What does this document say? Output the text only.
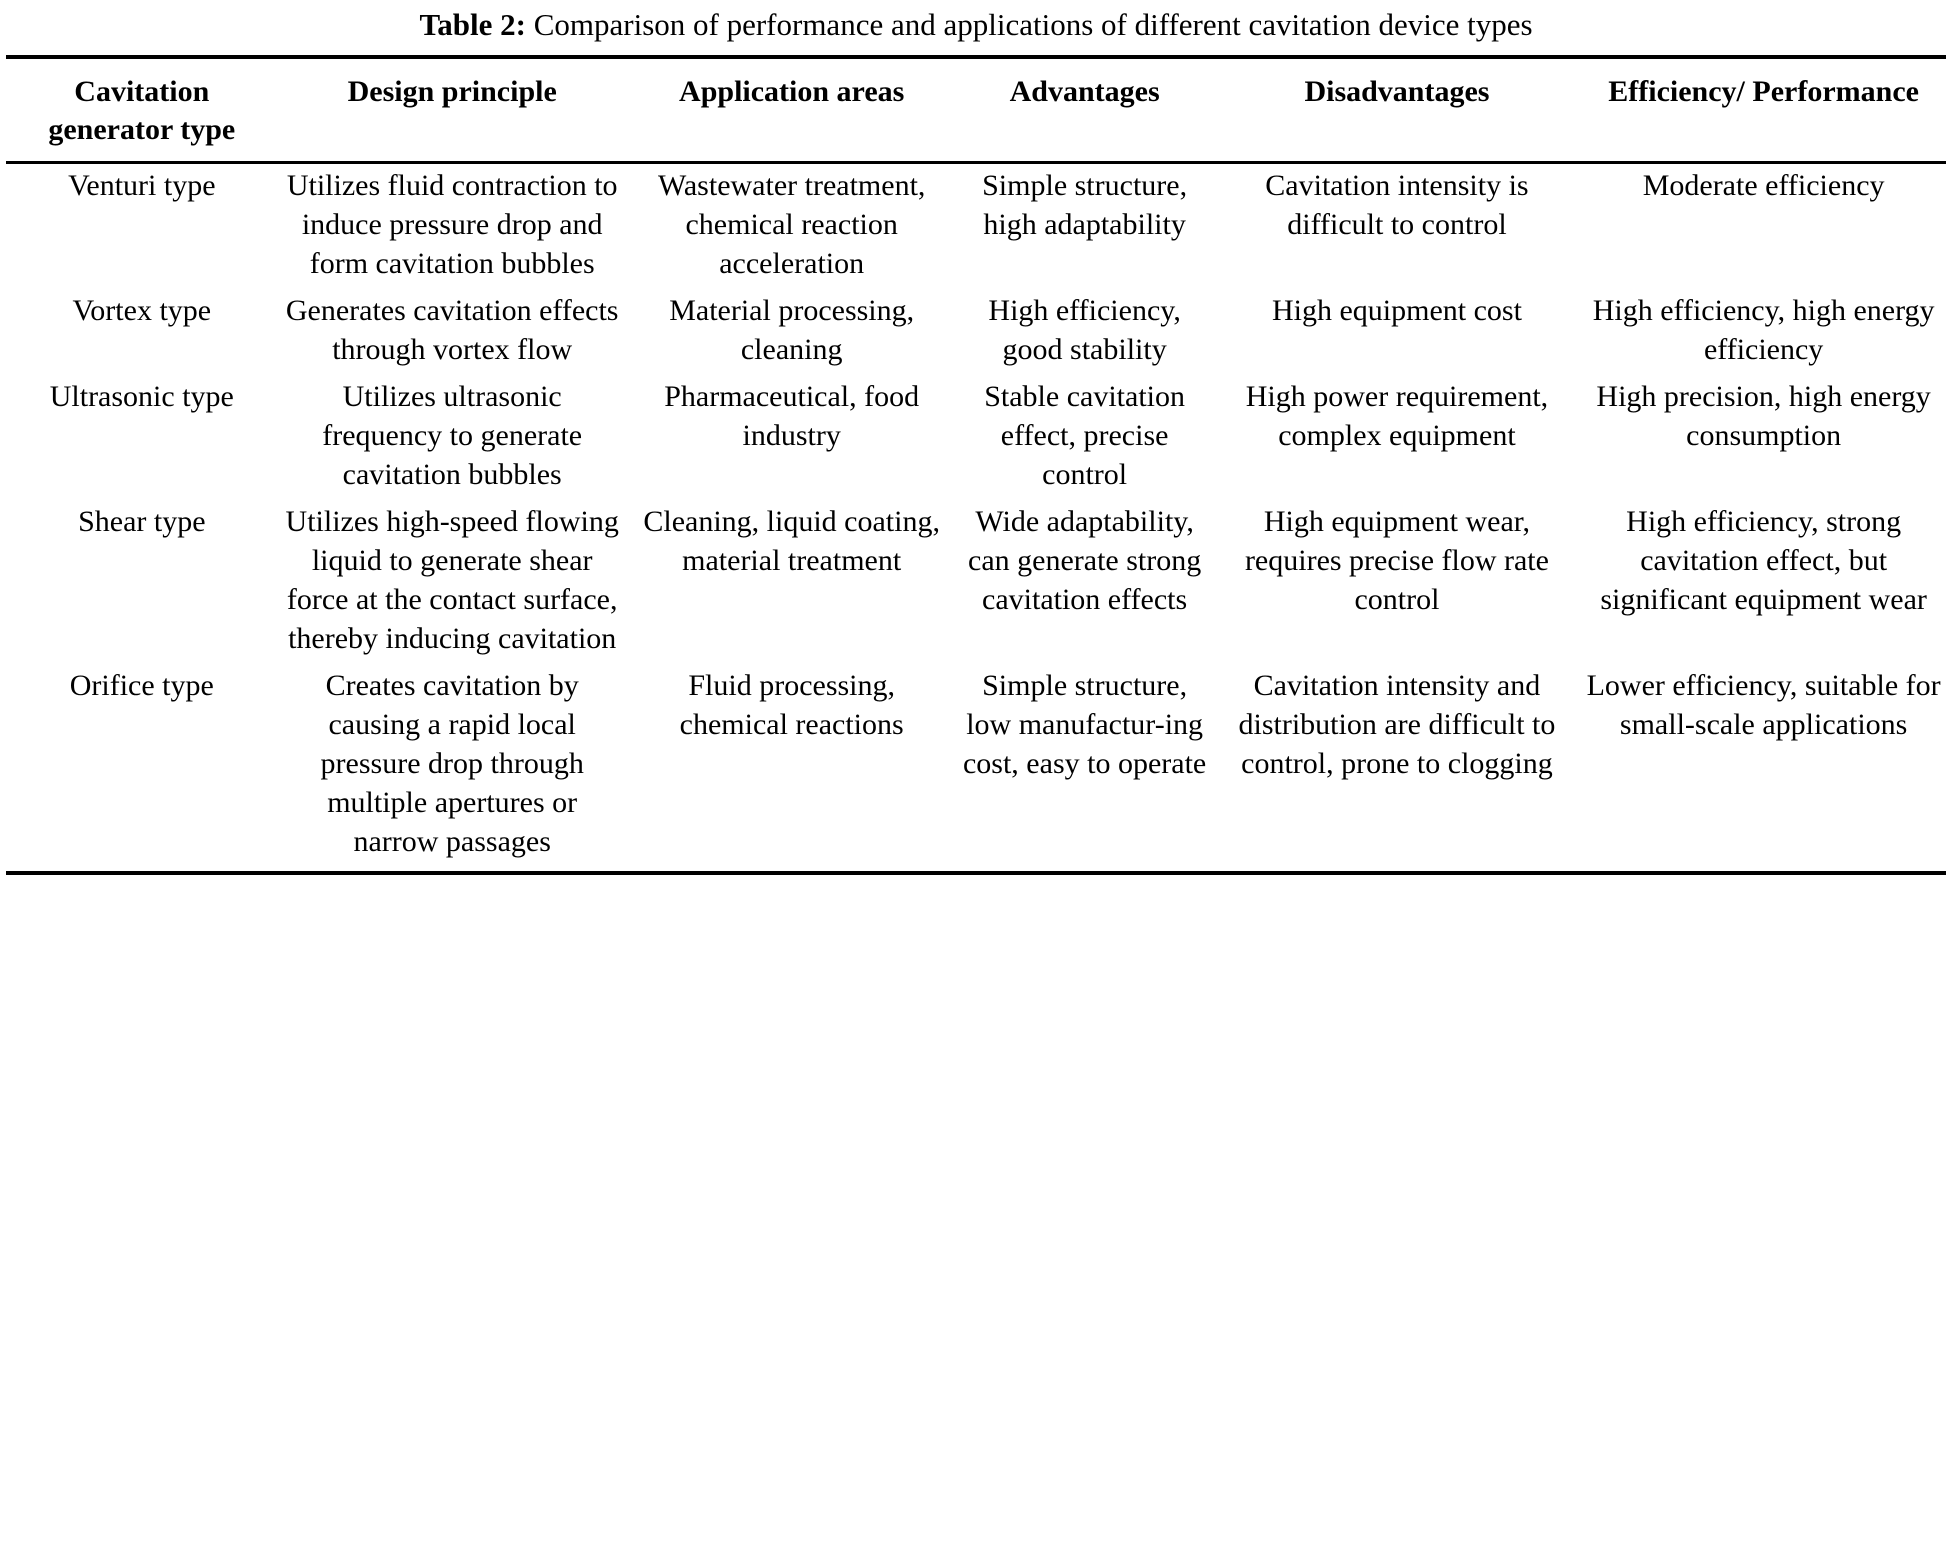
Table 2: Comparison of performance and applications of different cavitation device types
Cavitation generator type	Design principle	Application areas	Advantages	Disadvantages	Efficiency/ Performance
Venturi type	Utilizes fluid contraction to induce pressure drop and form cavitation bubbles	Wastewater treatment, chemical reaction acceleration	Simple structure, high adaptability	Cavitation intensity is difficult to control	Moderate efficiency
Vortex type	Generates cavitation effects through vortex flow	Material processing, cleaning	High efficiency, good stability	High equipment cost	High efficiency, high energy efficiency
Ultrasonic type	Utilizes ultrasonic frequency to generate cavitation bubbles	Pharmaceutical, food industry	Stable cavitation effect, precise control	High power requirement, complex equipment	High precision, high energy consumption
Shear type	Utilizes high-speed flowing liquid to generate shear force at the contact surface, thereby inducing cavitation	Cleaning, liquid coating, material treatment	Wide adaptability, can generate strong cavitation effects	High equipment wear, requires precise flow rate control	High efficiency, strong cavitation effect, but significant equipment wear
Orifice type	Creates cavitation by causing a rapid local pressure drop through multiple apertures or narrow passages	Fluid processing, chemical reactions	Simple structure, low manufactur-ing cost, easy to operate	Cavitation intensity and distribution are difficult to control, prone to clogging	Lower efficiency, suitable for small-scale applications
